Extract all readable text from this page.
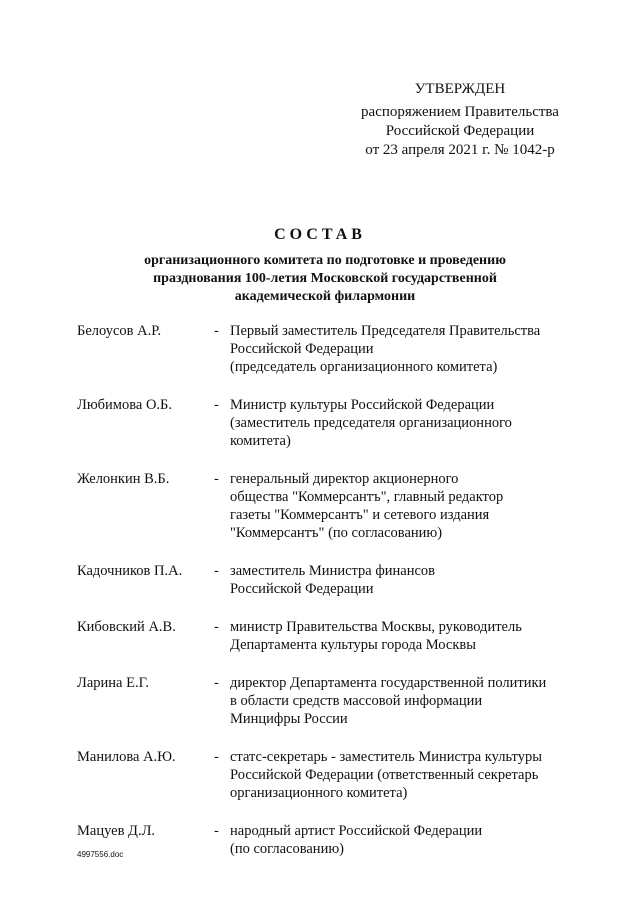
УТВЕРЖДЕН
распоряжением Правительства
Российской Федерации
от 23 апреля 2021 г. № 1042-р
СОСТАВ
организационного комитета по подготовке и проведению
празднования 100-летия Московской государственной
академической филармонии
Белоусов А.Р.	- Первый заместитель Председателя Правительства
Российской Федерации
(председатель организационного комитета)
Любимова О.Б.	- Министр культуры Российской Федерации
(заместитель председателя организационного
комитета)
Желонкин В.Б.	- генеральный директор акционерного
общества "Коммерсантъ", главный редактор
газеты "Коммерсантъ" и сетевого издания
"Коммерсантъ" (по согласованию)
Кадочников П.А. - заместитель Министра финансов
Российской Федерации
Кибовский А.В.	- министр Правительства Москвы, руководитель
Департамента культуры города Москвы
Ларина Е.Г.	- директор Департамента государственной политики
в области средств массовой информации
Минцифры России
Манилова А.Ю.	- статс-секретарь - заместитель Министра культуры
Российской Федерации (ответственный секретарь
организационного комитета)
Мацуев Д.Л.	- народный артист Российской Федерации
(по согласованию)
4997556.doc
